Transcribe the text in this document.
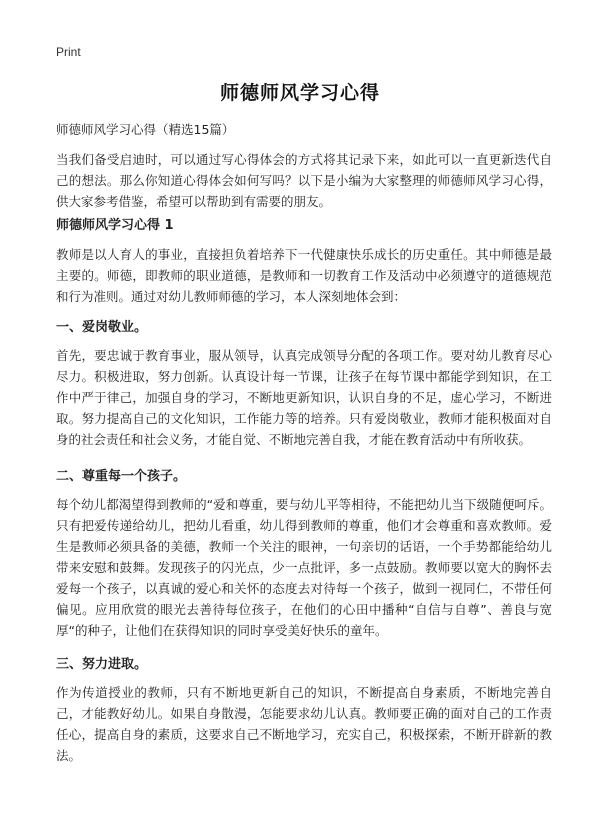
Print
师德师风学习心得
师德师风学习心得（精选15篇）

当我们备受启迪时，可以通过写心得体会的方式将其记录下来，如此可以一直更新迭代自己的想法。那么你知道心得体会如何写吗？以下是小编为大家整理的师德师风学习心得，供大家参考借鉴，希望可以帮助到有需要的朋友。

师德师风学习心得 1

教师是以人育人的事业，直接担负着培养下一代健康快乐成长的历史重任。其中师德是最主要的。师德，即教师的职业道德，是教师和一切教育工作及活动中必须遵守的道德规范和行为准则。通过对幼儿教师师德的学习，本人深刻地体会到：

一、爱岗敬业。

首先，要忠诚于教育事业，服从领导，认真完成领导分配的各项工作。要对幼儿教育尽心尽力。积极进取，努力创新。认真设计每一节课，让孩子在每节课中都能学到知识，在工作中严于律己，加强自身的学习，不断地更新知识，认识自身的不足，虚心学习，不断进取。努力提高自己的文化知识，工作能力等的培养。只有爱岗敬业，教师才能积极面对自身的社会责任和社会义务，才能自觉、不断地完善自我，才能在教育活动中有所收获。

二、尊重每一个孩子。

每个幼儿都渴望得到教师的“爱和尊重，要与幼儿平等相待，不能把幼儿当下级随便呵斥。只有把爱传递给幼儿，把幼儿看重，幼儿得到教师的尊重，他们才会尊重和喜欢教师。爱生是教师必须具备的美德，教师一个关注的眼神，一句亲切的话语，一个手势都能给幼儿带来安慰和鼓舞。发现孩子的闪光点，少一点批评，多一点鼓励。教师要以宽大的胸怀去爱每一个孩子，以真诚的爱心和关怀的态度去对待每一个孩子，做到一视同仁，不带任何偏见。应用欣赏的眼光去善待每位孩子，在他们的心田中播种“自信与自尊”、善良与宽厚“的种子，让他们在获得知识的同时享受美好快乐的童年。

三、努力进取。

作为传道授业的教师，只有不断地更新自己的知识，不断提高自身素质，不断地完善自己，才能教好幼儿。如果自身散漫，怎能要求幼儿认真。教师要正确的面对自己的工作责任心，提高自身的素质，这要求自己不断地学习，充实自己，积极探索，不断开辟新的教法。
